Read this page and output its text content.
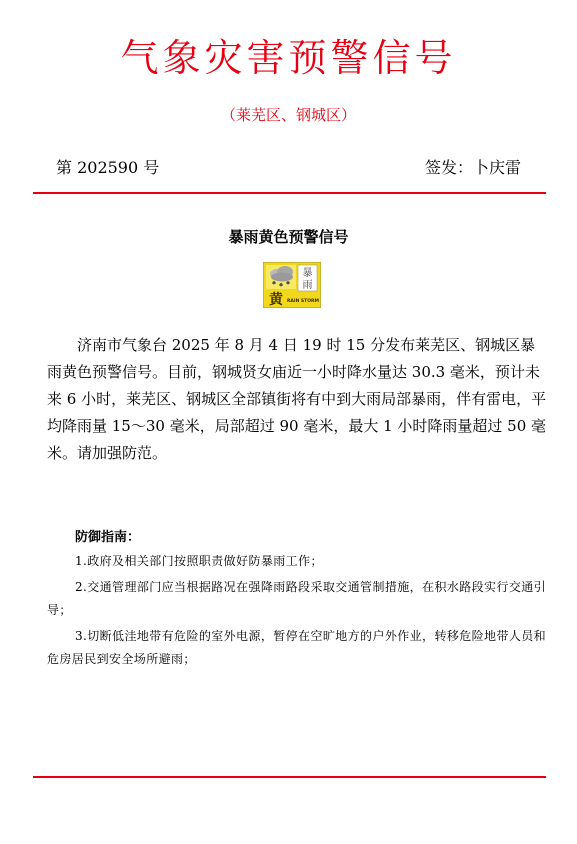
气象灾害预警信号
（莱芜区、钢城区）
第 202590 号	签发：卜庆雷
暴雨黄色预警信号
暴
雨
黄 RAIN STORM

济南市气象台 2025 年 8 月 4 日 19 时 15 分发布莱芜区、钢城区暴雨黄色预警信号。目前，钢城贤女庙近一小时降水量达 30.3 毫米，预计未来 6 小时，莱芜区、钢城区全部镇街将有中到大雨局部暴雨，伴有雷电，平均降雨量 15～30 毫米，局部超过 90 毫米，最大 1 小时降雨量超过 50 毫米。请加强防范。

防御指南：
1.政府及相关部门按照职责做好防暴雨工作；
2.交通管理部门应当根据路况在强降雨路段采取交通管制措施，在积水路段实行交通引导；
3.切断低洼地带有危险的室外电源，暂停在空旷地方的户外作业，转移危险地带人员和危房居民到安全场所避雨；
